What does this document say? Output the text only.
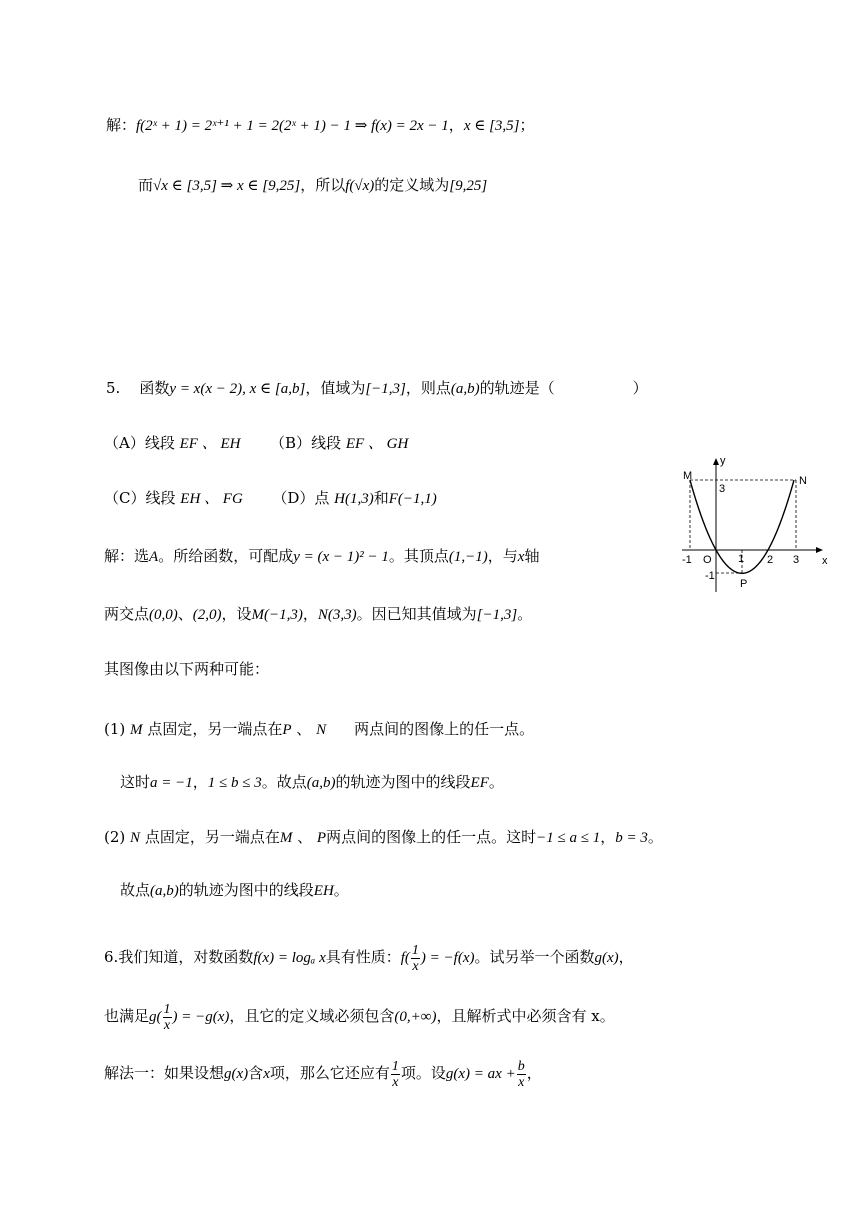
解：f(2ˣ + 1) = 2ˣ⁺¹ + 1 = 2(2ˣ + 1) − 1 ⇒ f(x) = 2x − 1，x ∈ [3,5]；
而√x ∈ [3,5] ⇒ x ∈ [9,25]，所以f(√x)的定义域为[9,25]
5. 函数y = x(x − 2), x ∈ [a,b]，值域为[−1,3]，则点(a,b)的轨迹是（	）
（A）线段 EF 、 EH （B）线段 EF 、 GH
（C）线段 EH 、 FG （D）点 H(1,3)和F(−1,1)
M	N
y
x
3
O 1 2 3
-1
-1
P
解：选A。所给函数，可配成y = (x − 1)² − 1。其顶点(1,−1)，与x轴
两交点(0,0)、(2,0)，设M(−1,3)，N(3,3)。因已知其值域为[−1,3]。
其图像由以下两种可能：
(1) M 点固定，另一端点在P 、 N 两点间的图像上的任一点。
这时a = −1，1 ≤ b ≤ 3。故点(a,b)的轨迹为图中的线段EF。
(2) N 点固定，另一端点在M 、 P两点间的图像上的任一点。这时−1 ≤ a ≤ 1，b = 3。
故点(a,b)的轨迹为图中的线段EH。
6.我们知道，对数函数f(x) = logₐ x具有性质：$f( \frac{1}{x}$ ) = −f(x)。试另举一个函数g(x)，
也满足$g( \frac{1}{x}$ ) = −g(x)，且它的定义域必须包含(0,+∞)，且解析式中必须含有 x。
解法一：如果设想g(x)含x项，那么它还应有 $\frac{1}{x}$ 项。设g(x) = ax + $\frac{b}{x}$ ，
